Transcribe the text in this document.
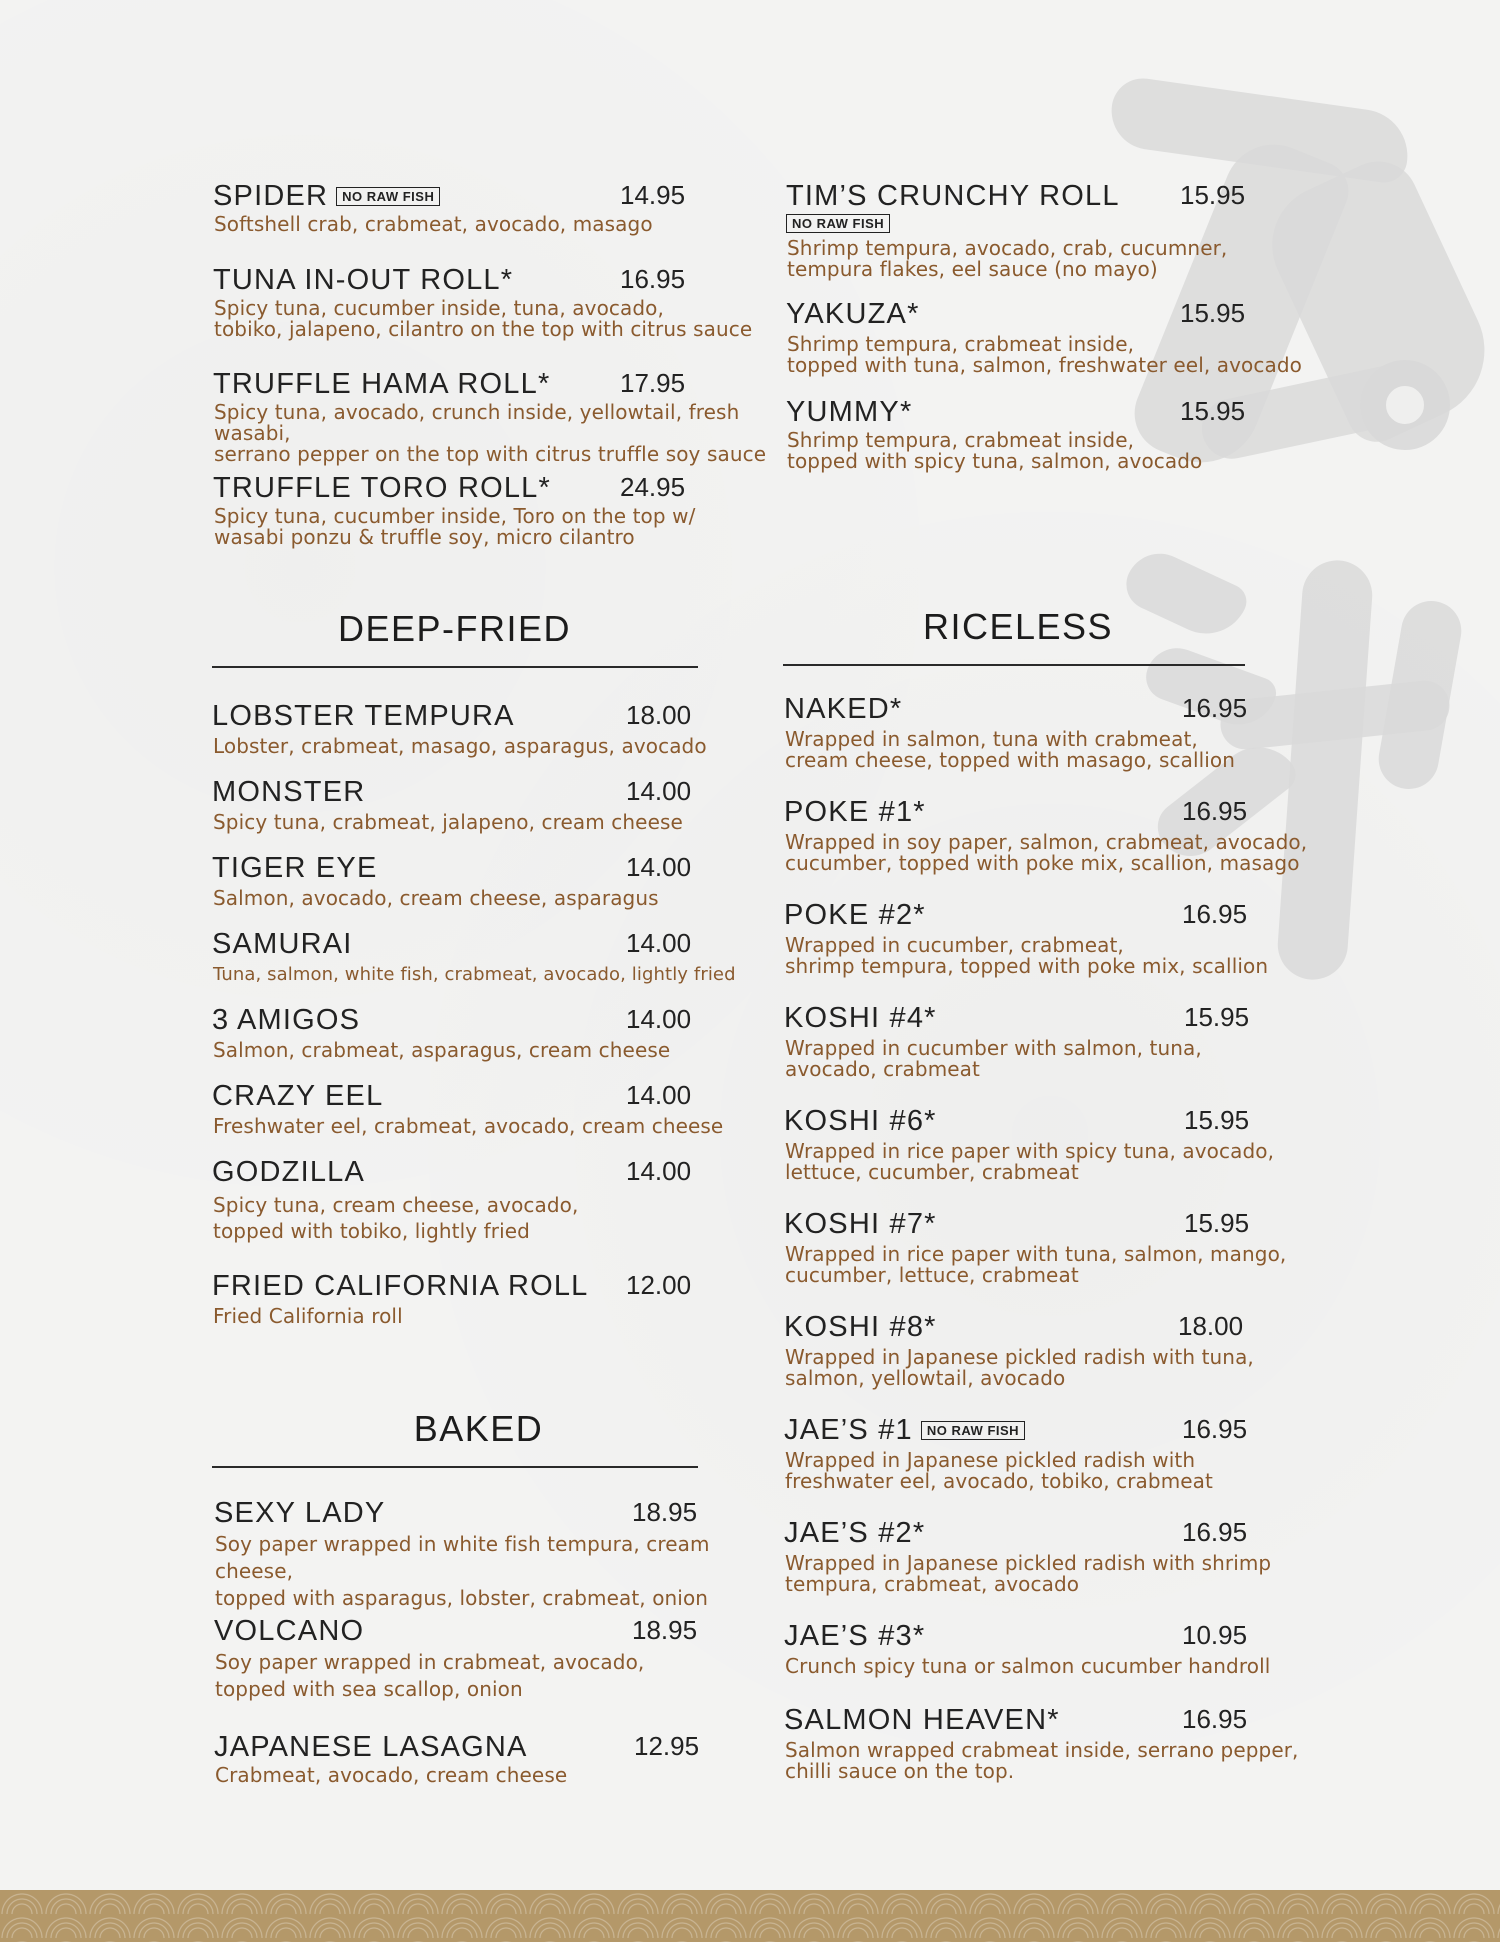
SPIDER NO RAW FISH	14.95
Softshell crab, crabmeat, avocado, masago
TUNA IN-OUT ROLL*	16.95
Spicy tuna, cucumber inside, tuna, avocado,
tobiko, jalapeno, cilantro on the top with citrus sauce
TRUFFLE HAMA ROLL*	17.95
Spicy tuna, avocado, crunch inside, yellowtail, fresh wasabi,
serrano pepper on the top with citrus truffle soy sauce
TRUFFLE TORO ROLL*	24.95
Spicy tuna, cucumber inside, Toro on the top w/
wasabi ponzu & truffle soy, micro cilantro
TIM’S CRUNCHY ROLL 15.95
NO RAW FISH
Shrimp tempura, avocado, crab, cucumner,
tempura flakes, eel sauce (no mayo)
YAKUZA*	15.95
Shrimp tempura, crabmeat inside,
topped with tuna, salmon, freshwater eel, avocado
YUMMY*	15.95
Shrimp tempura, crabmeat inside,
topped with spicy tuna, salmon, avocado
DEEP-FRIED
LOBSTER TEMPURA	18.00
Lobster, crabmeat, masago, asparagus, avocado
MONSTER	14.00
Spicy tuna, crabmeat, jalapeno, cream cheese
TIGER EYE	14.00
Salmon, avocado, cream cheese, asparagus
SAMURAI	14.00
Tuna, salmon, white fish, crabmeat, avocado, lightly fried
3 AMIGOS	14.00
Salmon, crabmeat, asparagus, cream cheese
CRAZY EEL	14.00
Freshwater eel, crabmeat, avocado, cream cheese
GODZILLA	14.00
Spicy tuna, cream cheese, avocado,
topped with tobiko, lightly fried
FRIED CALIFORNIA ROLL 12.00
Fried California roll
BAKED
SEXY LADY	18.95
Soy paper wrapped in white fish tempura, cream cheese,
topped with asparagus, lobster, crabmeat, onion
VOLCANO	18.95
Soy paper wrapped in crabmeat, avocado,
topped with sea scallop, onion
JAPANESE LASAGNA	12.95
Crabmeat, avocado, cream cheese
RICELESS
NAKED*	16.95
Wrapped in salmon, tuna with crabmeat,
cream cheese, topped with masago, scallion
POKE #1*	16.95
Wrapped in soy paper, salmon, crabmeat, avocado,
cucumber, topped with poke mix, scallion, masago
POKE #2*	16.95
Wrapped in cucumber, crabmeat,
shrimp tempura, topped with poke mix, scallion
KOSHI #4*	15.95
Wrapped in cucumber with salmon, tuna,
avocado, crabmeat
KOSHI #6*	15.95
Wrapped in rice paper with spicy tuna, avocado,
lettuce, cucumber, crabmeat
KOSHI #7*	15.95
Wrapped in rice paper with tuna, salmon, mango,
cucumber, lettuce, crabmeat
KOSHI #8*	18.00
Wrapped in Japanese pickled radish with tuna,
salmon, yellowtail, avocado
JAE’S #1 NO RAW FISH	16.95
Wrapped in Japanese pickled radish with
freshwater eel, avocado, tobiko, crabmeat
JAE’S #2*	16.95
Wrapped in Japanese pickled radish with shrimp
tempura, crabmeat, avocado
JAE’S #3*	10.95
Crunch spicy tuna or salmon cucumber handroll
SALMON HEAVEN*	16.95
Salmon wrapped crabmeat inside, serrano pepper,
chilli sauce on the top.
